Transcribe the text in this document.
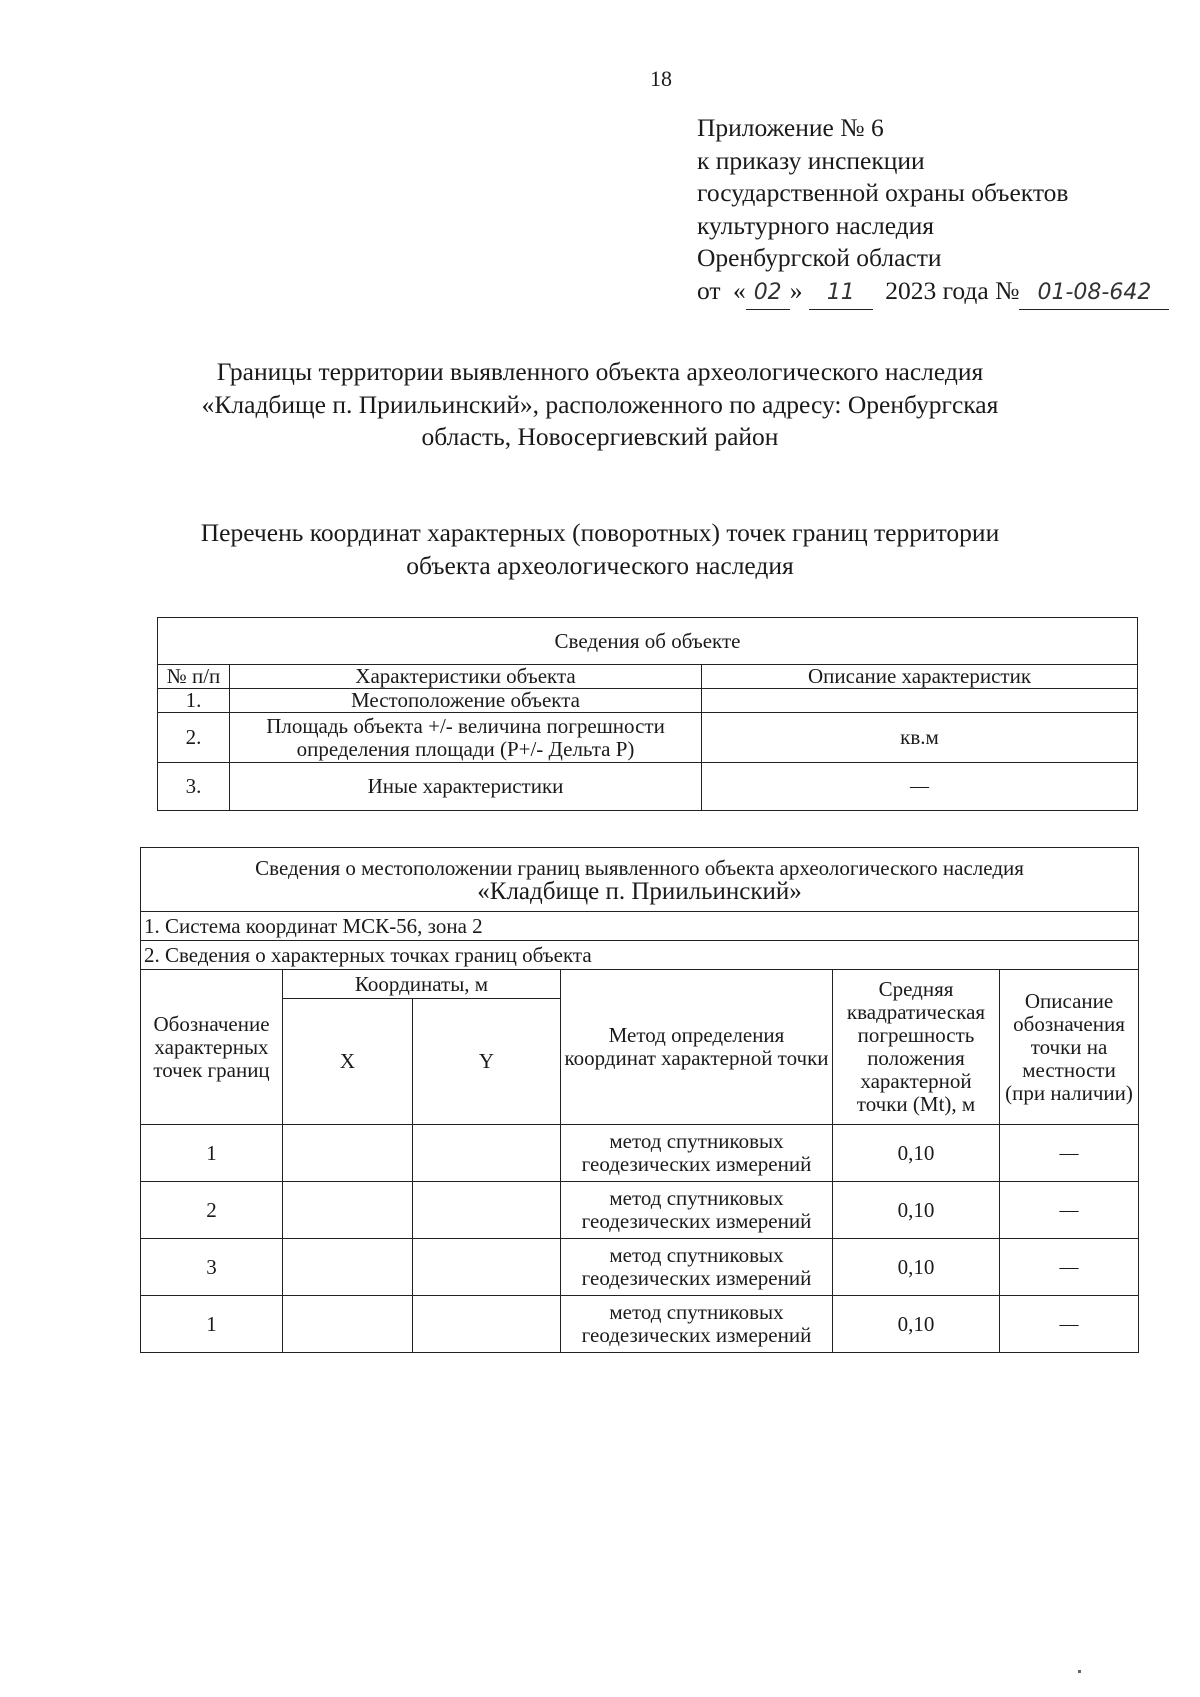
18
Приложение № 6
к приказу инспекции
государственной охраны объектов
культурного наследия
Оренбургской области
от « 02 » 11 2023 года № 01-08-642
Границы территории выявленного объекта археологического наследия
«Кладбище п. Приильинский», расположенного по адресу: Оренбургская
область, Новосергиевский район
Перечень координат характерных (поворотных) точек границ территории
объекта археологического наследия
Сведения об объекте		
№ п/п	Характеристики объекта	Описание характеристик
1.	Местоположение объекта	
2.	Площадь объекта +/- величина погрешности определения площади (Р+/- Дельта Р)	кв.м
3.	Иные характеристики	—
Сведения о местоположении границ выявленного объекта археологического наследия
«Кладбище п. Приильинский»					

1. Система координат МСК-56, зона 2					
2. Сведения о характерных точках границ объекта					
Обозначение характерных точек границ	Координаты, м		Метод определения координат характерной точки	Средняя квадратическая погрешность положения характерной точки (Mt), м	Описание обозначения точки на местности (при наличии)
	X	Y			
1			метод спутниковых геодезических измерений	0,10	—
2			метод спутниковых геодезических измерений	0,10	—
3			метод спутниковых геодезических измерений	0,10	—
1			метод спутниковых геодезических измерений	0,10	—
